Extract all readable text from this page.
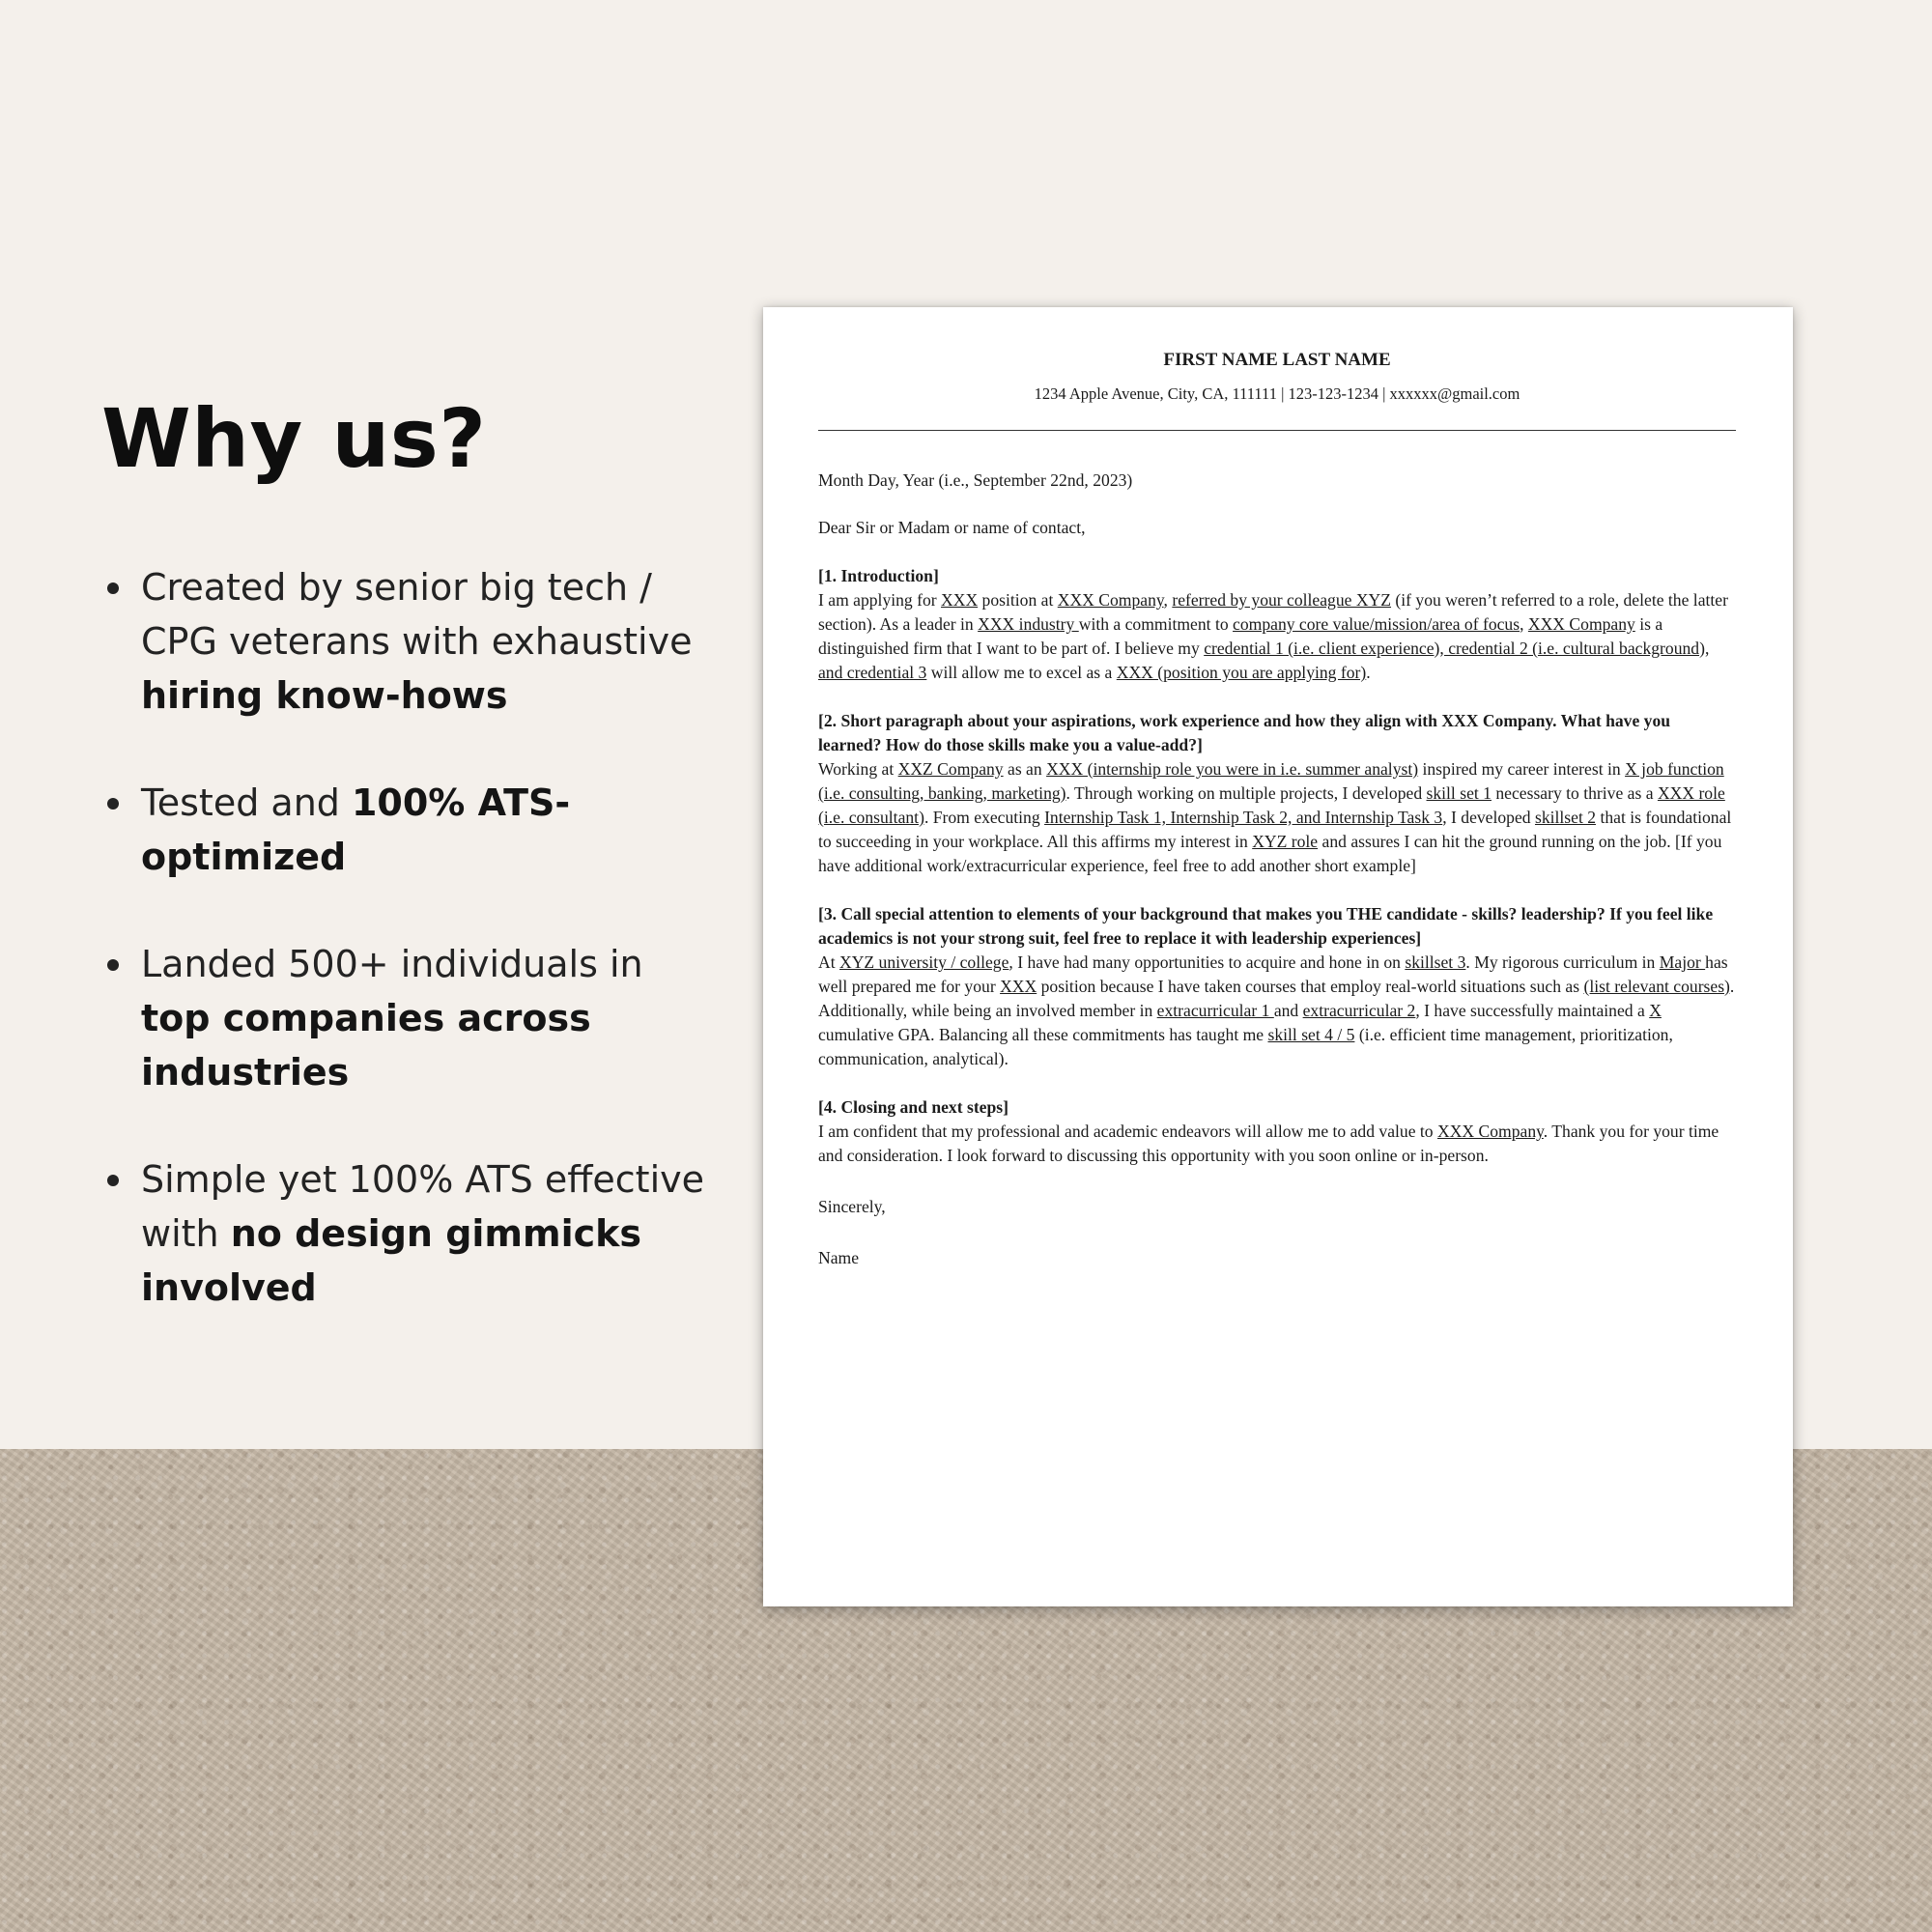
Why us?
Created by senior big tech / CPG veterans with exhaustive hiring know-hows
Tested and 100% ATS-optimized
Landed 500+ individuals in top companies across industries
Simple yet 100% ATS effective with no design gimmicks involved

FIRST NAME LAST NAME

1234 Apple Avenue, City, CA, 111111 | 123-123-1234 | xxxxxx@gmail.com

Month Day, Year (i.e., September 22nd, 2023)

Dear Sir or Madam or name of contact,

[1. Introduction]

I am applying for XXX position at XXX Company, referred by your colleague XYZ (if you weren’t referred to a role, delete the latter section). As a leader in XXX industry with a commitment to company core value/mission/area of focus, XXX Company is a distinguished firm that I want to be part of. I believe my credential 1 (i.e. client experience), credential 2 (i.e. cultural background), and credential 3 will allow me to excel as a XXX (position you are applying for).

[2. Short paragraph about your aspirations, work experience and how they align with XXX Company. What have you learned? How do those skills make you a value-add?]

Working at XXZ Company as an XXX (internship role you were in i.e. summer analyst) inspired my career interest in X job function (i.e. consulting, banking, marketing). Through working on multiple projects, I developed skill set 1 necessary to thrive as a XXX role (i.e. consultant). From executing Internship Task 1, Internship Task 2, and Internship Task 3, I developed skillset 2 that is foundational to succeeding in your workplace. All this affirms my interest in XYZ role and assures I can hit the ground running on the job. [If you have additional work/extracurricular experience, feel free to add another short example]

[3. Call special attention to elements of your background that makes you THE candidate - skills? leadership? If you feel like academics is not your strong suit, feel free to replace it with leadership experiences]

At XYZ university / college, I have had many opportunities to acquire and hone in on skillset 3. My rigorous curriculum in Major has well prepared me for your XXX position because I have taken courses that employ real-world situations such as (list relevant courses). Additionally, while being an involved member in extracurricular 1 and extracurricular 2, I have successfully maintained a X cumulative GPA. Balancing all these commitments has taught me skill set 4 / 5 (i.e. efficient time management, prioritization, communication, analytical).

[4. Closing and next steps]

I am confident that my professional and academic endeavors will allow me to add value to XXX Company. Thank you for your time and consideration. I look forward to discussing this opportunity with you soon online or in-person.

Sincerely,

Name
